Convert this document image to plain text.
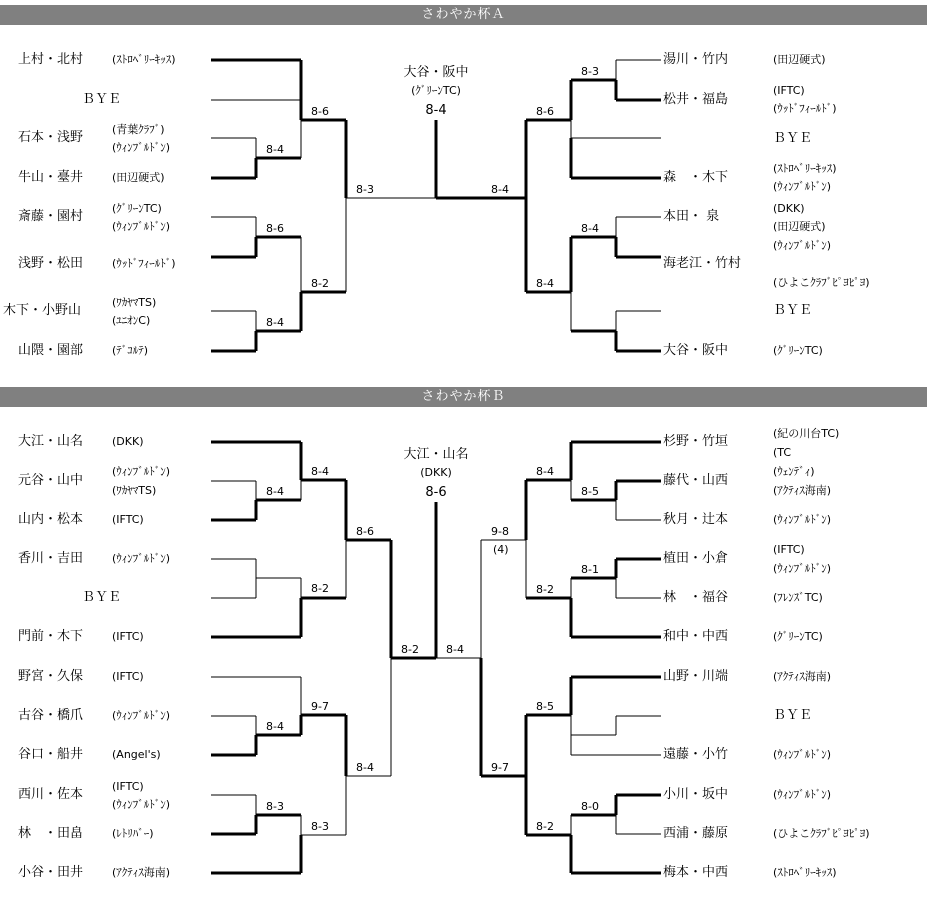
さわやか杯Ａ
さわやか杯Ｂ
大谷・阪中
(ｸﾞﾘｰﾝTC)
8-4
上村・北村	(ｽﾄﾛﾍﾞﾘｰｷｯｽ)
ＢＹＥ
石本・浅野
(青葉ｸﾗﾌﾞ)
(ｳｨﾝﾌﾞﾙﾄﾞﾝ)
牛山・臺井	(田辺硬式)
斎藤・園村
(ｸﾞﾘｰﾝTC)
(ｳｨﾝﾌﾞﾙﾄﾞﾝ)
浅野・松田	(ｳｯﾄﾞﾌｨｰﾙﾄﾞ)
木下・小野山
(ﾜｶﾔﾏTS)
(ﾕﾆｵﾝC)
山隈・園部	(ﾃﾞｺﾙﾃ)
8-4
8-6
8-4
8-6
8-2
8-3
湯川・竹内	(田辺硬式)
松井・福島
(IFTC)
(ｳｯﾄﾞﾌｨｰﾙﾄﾞ)
ＢＹＥ
森　・木下
(ｽﾄﾛﾍﾞﾘｰｷｯｽ)
(ｳｨﾝﾌﾞﾙﾄﾞﾝ)
本田・ 泉
(DKK)
(田辺硬式)
(ｳｨﾝﾌﾞﾙﾄﾞﾝ)
海老江・竹村
(ひよこｸﾗﾌﾞﾋﾟﾖﾋﾟﾖ)
ＢＹＥ
大谷・阪中	(ｸﾞﾘｰﾝTC)
8-3
8-4
8-6
8-4
8-4
大江・山名
(DKK)
8-6
大江・山名	(DKK)
元谷・山中
(ｳｨﾝﾌﾞﾙﾄﾞﾝ)
(ﾜｶﾔﾏTS)
山内・松本	(IFTC)
香川・吉田	(ｳｨﾝﾌﾞﾙﾄﾞﾝ)
ＢＹＥ
門前・木下	(IFTC)
野宮・久保	(IFTC)
古谷・橋爪	(ｳｨﾝﾌﾞﾙﾄﾞﾝ)
谷口・船井	(Angel's)
西川・佐本
(IFTC)
(ｳｨﾝﾌﾞﾙﾄﾞﾝ)
林　・田畠	(ﾚﾄﾘﾊﾞｰ)
小谷・田井	(ｱｸﾃｨｽ海南)
8-4
8-2
8-4
8-3
8-4
9-7
8-3
8-6
8-4
8-2
杉野・竹垣
(紀の川台TC)
(TC
藤代・山西
(ｳｪﾝﾃﾞｨ)
(ｱｸﾃｨｽ海南)
秋月・辻本	(ｳｨﾝﾌﾞﾙﾄﾞﾝ)
植田・小倉
(IFTC)
(ｳｨﾝﾌﾞﾙﾄﾞﾝ)
林　・福谷	(ﾌﾚﾝｽﾞTC)
和中・中西	(ｸﾞﾘｰﾝTC)
山野・川端	(ｱｸﾃｨｽ海南)
ＢＹＥ
遠藤・小竹	(ｳｨﾝﾌﾞﾙﾄﾞﾝ)
小川・坂中	(ｳｨﾝﾌﾞﾙﾄﾞﾝ)
西浦・藤原	(ひよこｸﾗﾌﾞﾋﾟﾖﾋﾟﾖ)
梅本・中西	(ｽﾄﾛﾍﾞﾘｰｷｯｽ)
8-5
8-1
8-0
8-4
8-2
8-5
8-2
9-8
(4)
9-7
8-4
